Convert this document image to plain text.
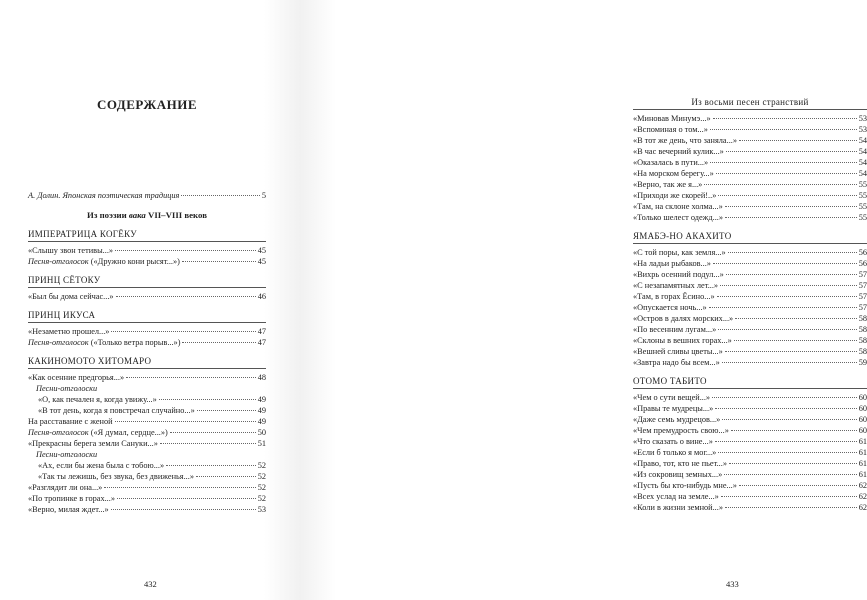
СОДЕРЖАНИЕ
А. Долин. Японская поэтическая традиция	5
Из поэзии вака VII–VIII веков
ИМПЕРАТРИЦА КОГЁКУ
«Слышу звон тетивы...»	45
Песня-отголосок («Дружно кони рысят...»)	45
ПРИНЦ СЁТОКУ
«Был бы дома сейчас...»	46
ПРИНЦ ИКУСА
«Незаметно прошел...»	47
Песня-отголосок («Только ветра порыв...»)	47
КАКИНОМОТО ХИТОМАРО
«Как осенние предгорья...»	48
Песни-отголоски
«О, как печален я, когда увижу...»	49
«В тот день, когда я повстречал случайно...»	49
На расставание с женой	49
Песня-отголосок («Я думал, сердце...»)	50
«Прекрасны берега земли Сануки...»	51
Песни-отголоски
«Ах, если бы жена была с тобою...»	52
«Так ты лежишь, без звука, без движенья...»	52
«Разглядит ли она...»	52
«По тропинке в горах...»	52
«Верно, милая ждет...»	53
432
Из восьми песен странствий
«Миновав Минумэ...»	53
«Вспоминая о том...»	53
«В тот же день, что заняла...»	54
«В час вечерний кулик...»	54
«Оказалась в пути...»	54
«На морском берегу...»	54
«Верно, так же я...»	55
«Приходи же скорей!..»	55
«Там, на склоне холма...»	55
«Только шелест одежд...»	55
ЯМАБЭ-НО АКАХИТО
«С той поры, как земля...»	56
«На ладьи рыбаков...»	56
«Вихрь осенний подул...»	57
«С незапамятных лет...»	57
«Там, в горах Ёсино...»	57
«Опускается ночь...»	57
«Остров в далях морских...»	58
«По весенним лугам...»	58
«Склоны в вешних горах...»	58
«Вешней сливы цветы...»	58
«Завтра надо бы всем...»	59
ОТОМО ТАБИТО
«Чем о сути вещей...»	60
«Правы те мудрецы...»	60
«Даже семь мудрецов...»	60
«Чем премудрость свою...»	60
«Что сказать о вине...»	61
«Если б только я мог...»	61
«Право, тот, кто не пьет...»	61
«Из сокровищ земных...»	61
«Пусть бы кто-нибудь мне...»	62
«Всех услад на земле...»	62
«Коли в жизни земной...»	62
433
